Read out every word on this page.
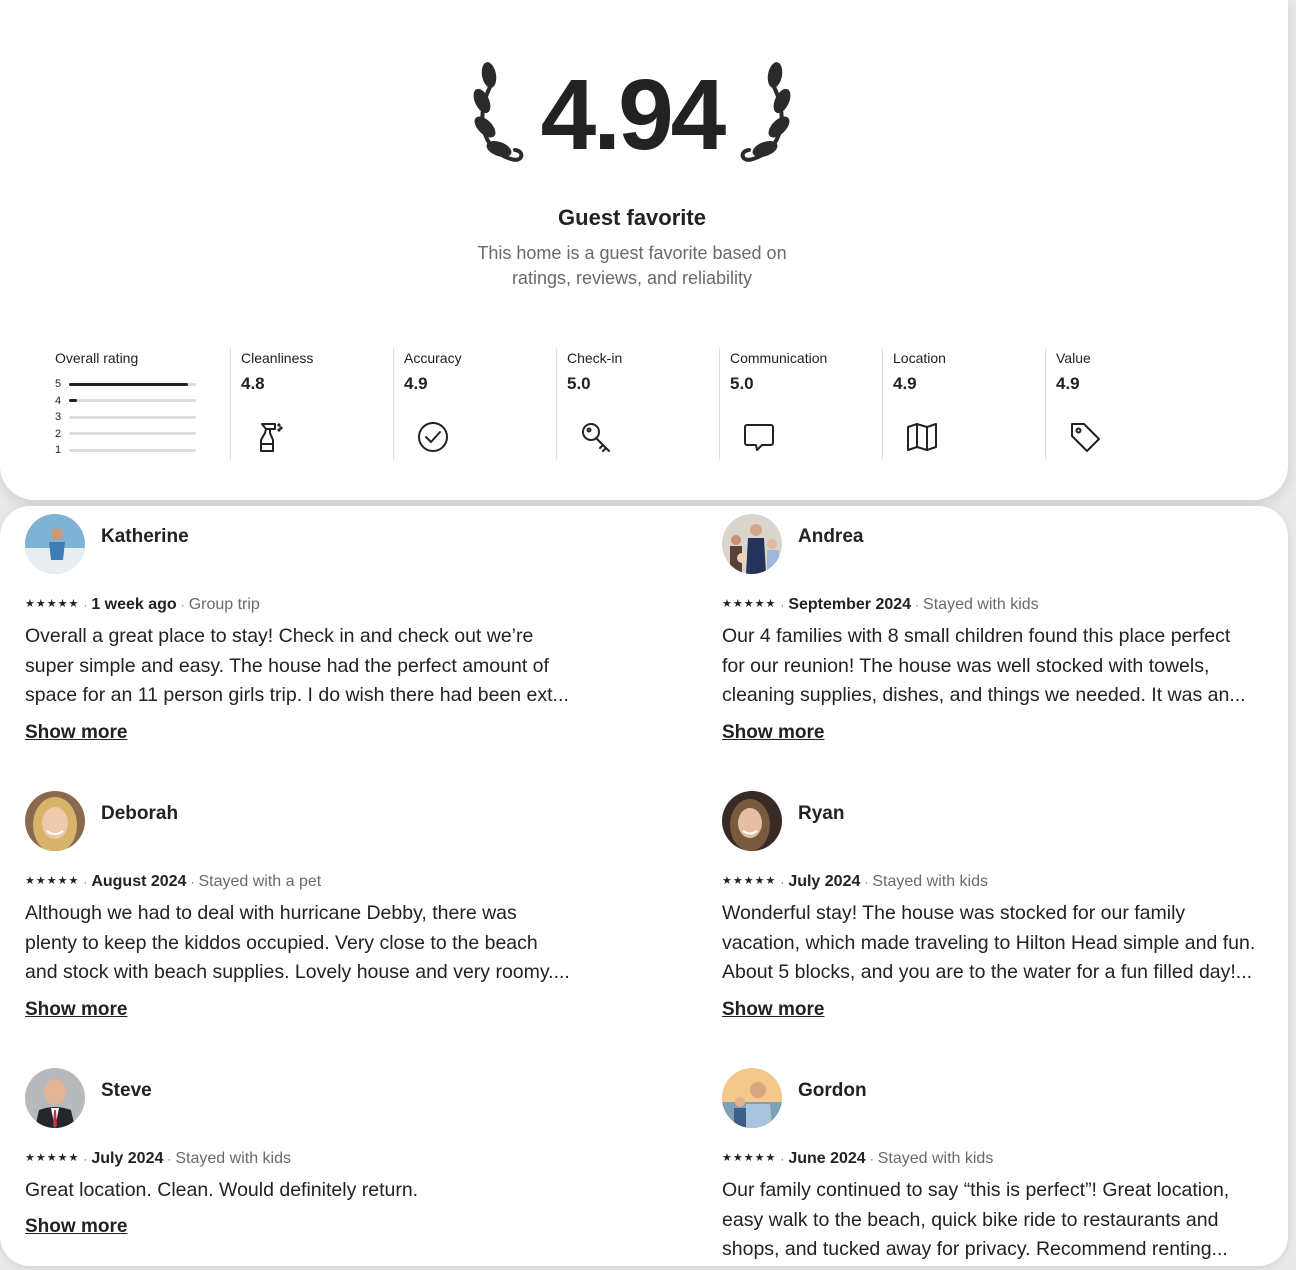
4.94
Guest favorite
This home is a guest favorite based on
ratings, reviews, and reliability
Overall rating
5
4
3
2
1
Cleanliness
4.8
Accuracy
4.9
Check-in
5.0
Communication
5.0
Location
4.9
Value
4.9
Katherine
★★★★★ · 1 week ago · Group trip
Overall a great place to stay! Check in and check out we’re
super simple and easy. The house had the perfect amount of
space for an 11 person girls trip. I do wish there had been ext...
Show more
Andrea
★★★★★ · September 2024 · Stayed with kids
Our 4 families with 8 small children found this place perfect
for our reunion! The house was well stocked with towels,
cleaning supplies, dishes, and things we needed. It was an...
Show more
Deborah
★★★★★ · August 2024 · Stayed with a pet
Although we had to deal with hurricane Debby, there was
plenty to keep the kiddos occupied. Very close to the beach
and stock with beach supplies. Lovely house and very roomy....
Show more
Ryan
★★★★★ · July 2024 · Stayed with kids
Wonderful stay! The house was stocked for our family
vacation, which made traveling to Hilton Head simple and fun.
About 5 blocks, and you are to the water for a fun filled day!...
Show more
Steve
★★★★★ · July 2024 · Stayed with kids
Great location. Clean. Would definitely return.
Show more
Gordon
★★★★★ · June 2024 · Stayed with kids
Our family continued to say “this is perfect”! Great location,
easy walk to the beach, quick bike ride to restaurants and
shops, and tucked away for privacy. Recommend renting...
